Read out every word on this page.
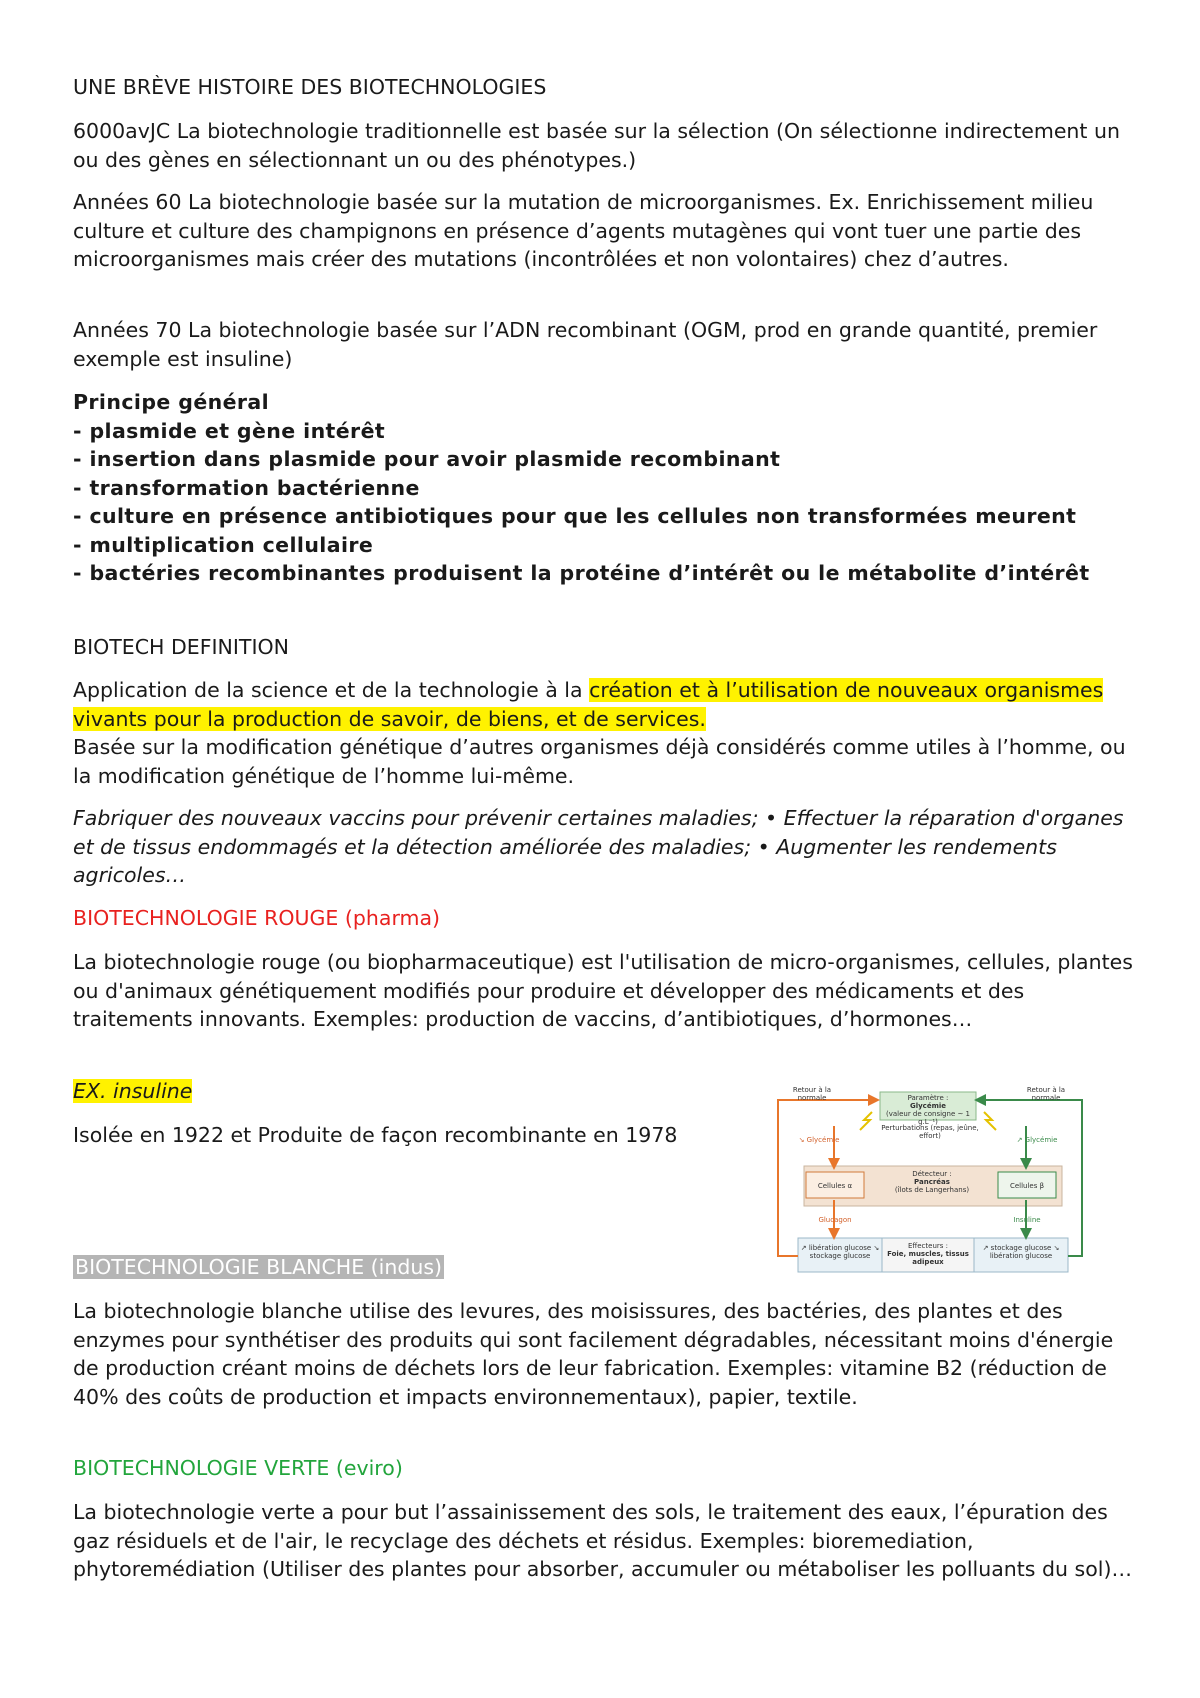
UNE BRÈVE HISTOIRE DES BIOTECHNOLOGIES

6000avJC La biotechnologie traditionnelle est basée sur la sélection (On sélectionne indirectement un ou des gènes en sélectionnant un ou des phénotypes.)

Années 60 La biotechnologie basée sur la mutation de microorganismes. Ex. Enrichissement milieu culture et culture des champignons en présence d’agents mutagènes qui vont tuer une partie des microorganismes mais créer des mutations (incontrôlées et non volontaires) chez d’autres.

Années 70 La biotechnologie basée sur l’ADN recombinant (OGM, prod en grande quantité, premier exemple est insuline)

Principe général

- plasmide et gène intérêt

- insertion dans plasmide pour avoir plasmide recombinant

- transformation bactérienne

- culture en présence antibiotiques pour que les cellules non transformées meurent

- multiplication cellulaire

- bactéries recombinantes produisent la protéine d’intérêt ou le métabolite d’intérêt

BIOTECH DEFINITION

Application de la science et de la technologie à la création et à l’utilisation de nouveaux organismes vivants pour la production de savoir, de biens, et de services.

Basée sur la modification génétique d’autres organismes déjà considérés comme utiles à l’homme, ou la modification génétique de l’homme lui-même.

Fabriquer des nouveaux vaccins pour prévenir certaines maladies; • Effectuer la réparation d'organes et de tissus endommagés et la détection améliorée des maladies; • Augmenter les rendements agricoles…

BIOTECHNOLOGIE ROUGE (pharma)

La biotechnologie rouge (ou biopharmaceutique) est l'utilisation de micro-organismes, cellules, plantes ou d'animaux génétiquement modifiés pour produire et développer des médicaments et des traitements innovants. Exemples: production de vaccins, d’antibiotiques, d’hormones…

EX. insuline

Isolée en 1922 et Produite de façon recombinante en 1978

Retour à la normale	Paramètre :
Glycémie
(valeur de consigne ~ 1 g.L⁻¹)
Retour à la normale
Perturbations (repas, jeûne, effort)
↘ Glycémie	↗ Glycémie
Cellules α
Détecteur :
Pancréas
(îlots de Langerhans)	Cellules β
Glucagon	Insuline
↗ libération glucose ↘ stockage glucose
Effecteurs :
Foie, muscles, tissus adipeux
↗ stockage glucose ↘ libération glucose

BIOTECHNOLOGIE BLANCHE (indus)

La biotechnologie blanche utilise des levures, des moisissures, des bactéries, des plantes et des enzymes pour synthétiser des produits qui sont facilement dégradables, nécessitant moins d'énergie de production créant moins de déchets lors de leur fabrication. Exemples: vitamine B2 (réduction de 40% des coûts de production et impacts environnementaux), papier, textile.

BIOTECHNOLOGIE VERTE (eviro)

La biotechnologie verte a pour but l’assainissement des sols, le traitement des eaux, l’épuration des gaz résiduels et de l'air, le recyclage des déchets et résidus. Exemples: bioremediation, phytoremédiation (Utiliser des plantes pour absorber, accumuler ou métaboliser les polluants du sol)…
